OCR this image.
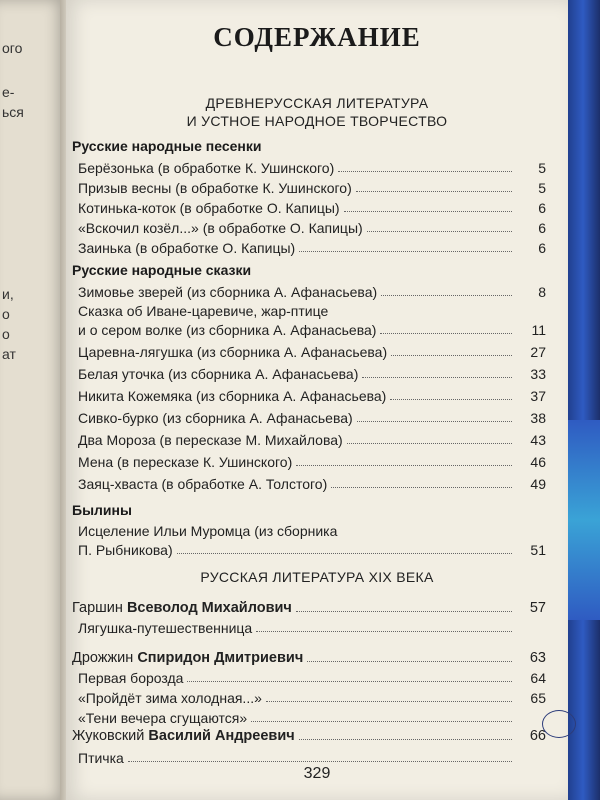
ого
е-
ься
и,
о
о
ат
СОДЕРЖАНИЕ
ДРЕВНЕРУССКАЯ ЛИТЕРАТУРА
И УСТНОЕ НАРОДНОЕ ТВОРЧЕСТВО
Русские народные песенки
Берёзонька (в обработке К. Ушинского)	5
Призыв весны (в обработке К. Ушинского)	5
Котинька-коток (в обработке О. Капицы)	6
«Вскочил козёл...» (в обработке О. Капицы)	6
Заинька (в обработке О. Капицы)	6
Русские народные сказки
Зимовье зверей (из сборника А. Афанасьева)	8
Сказка об Иване-царевиче, жар-птице
и о сером волке (из сборника А. Афанасьева)	11
Царевна-лягушка (из сборника А. Афанасьева)	27
Белая уточка (из сборника А. Афанасьева)	33
Никита Кожемяка (из сборника А. Афанасьева)	37
Сивко-бурко (из сборника А. Афанасьева)	38
Два Мороза (в пересказе М. Михайлова)	43
Мена (в пересказе К. Ушинского)	46
Заяц-хваста (в обработке А. Толстого)	49
Былины
Исцеление Ильи Муромца (из сборника
П. Рыбникова)	51
РУССКАЯ ЛИТЕРАТУРА XIX ВЕКА
Гаршин Всеволод Михайлович	57
Лягушка-путешественница
Дрожжин Спиридон Дмитриевич	63
Первая борозда	64
«Пройдёт зима холодная...»	65
«Тени вечера сгущаются»
Жуковский Василий Андреевич	66
Птичка
329
